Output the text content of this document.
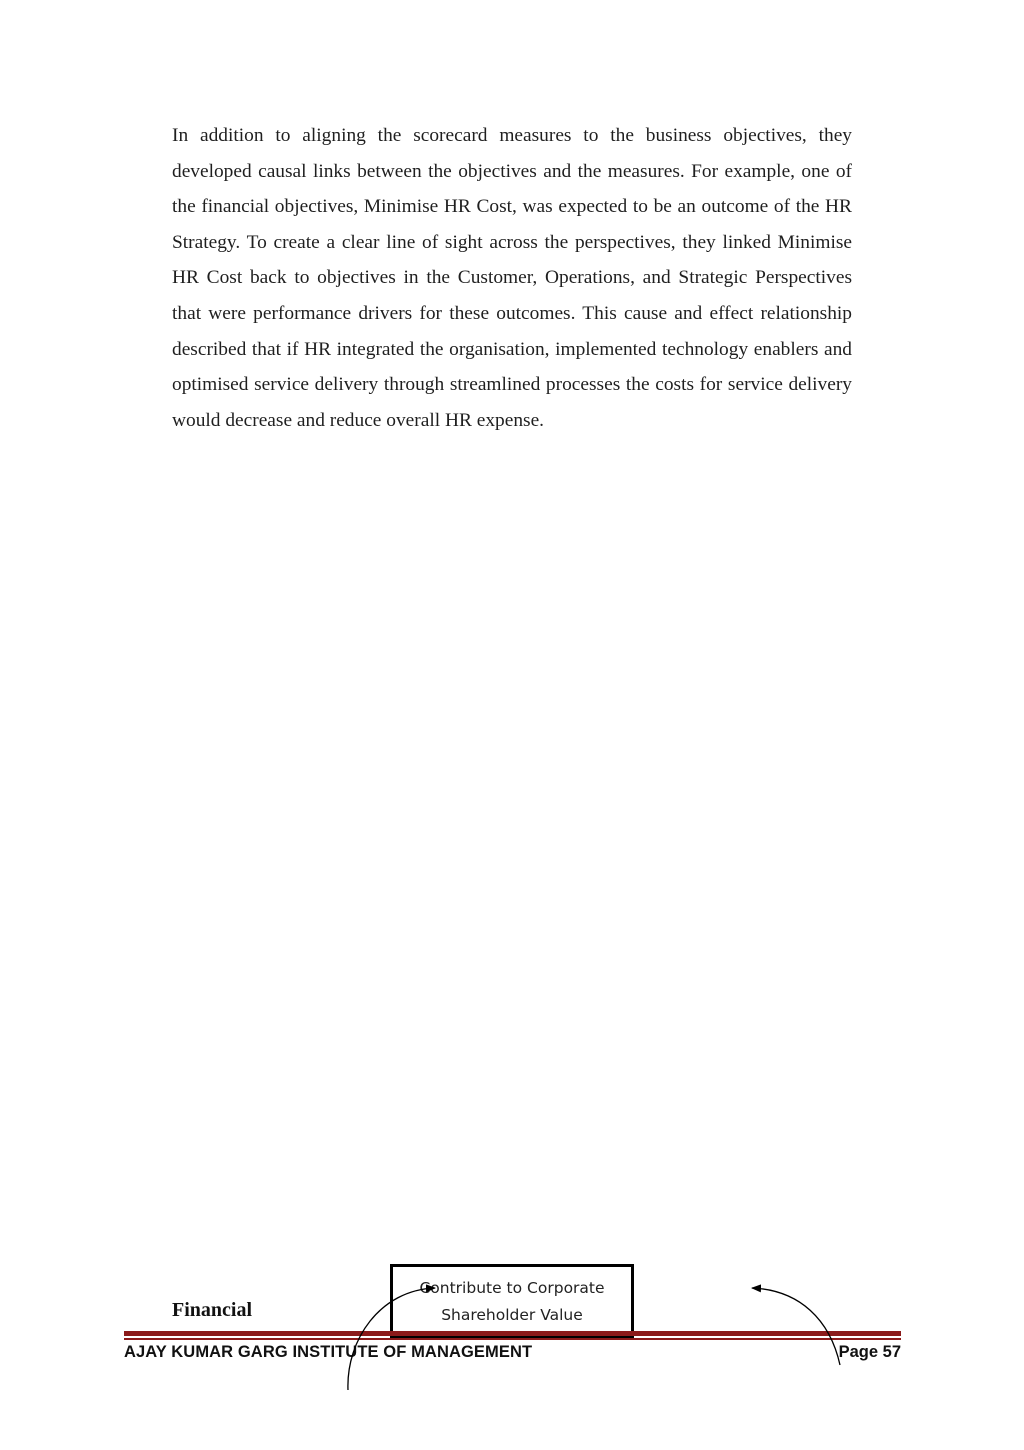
In addition to aligning the scorecard measures to the business objectives, they developed causal links between the objectives and the measures. For example, one of the financial objectives, Minimise HR Cost, was expected to be an outcome of the HR Strategy. To create a clear line of sight across the perspectives, they linked Minimise HR Cost back to objectives in the Customer, Operations, and Strategic Perspectives that were performance drivers for these outcomes. This cause and effect relationship described that if HR integrated the organisation, implemented technology enablers and optimised service delivery through streamlined processes the costs for service delivery would decrease and reduce overall HR expense.

Financial
Contribute to Corporate
Shareholder Value
AJAY KUMAR GARG INSTITUTE OF MANAGEMENT	Page 57
